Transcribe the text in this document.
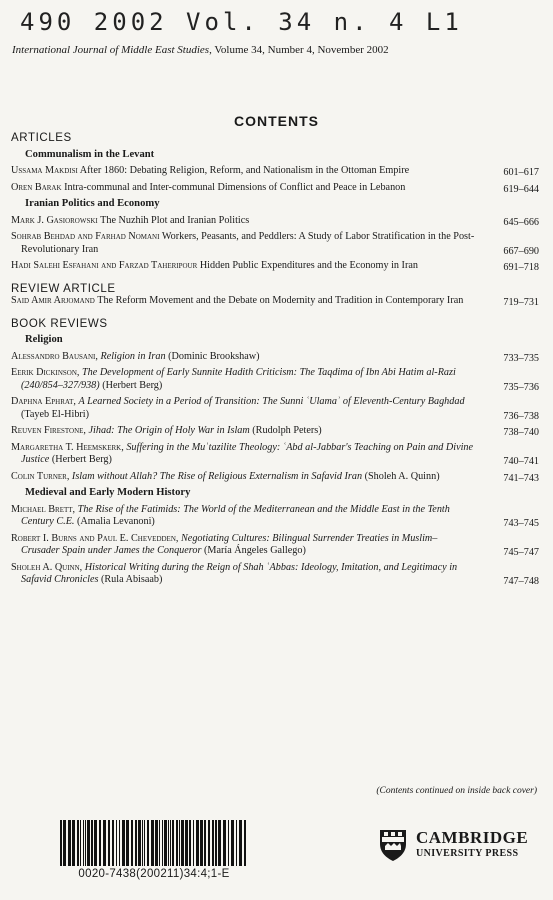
490 2002 Vol. 34 n. 4 L1
International Journal of Middle East Studies, Volume 34, Number 4, November 2002
CONTENTS
ARTICLES
Communalism in the Levant
Ussama Makdisi After 1860: Debating Religion, Reform, and Nationalism in the Ottoman Empire	601–617
Oren Barak Intra-communal and Inter-communal Dimensions of Conflict and Peace in Lebanon	619–644
Iranian Politics and Economy
Mark J. Gasiorowski The Nuzhih Plot and Iranian Politics	645–666
Sohrab Behdad and Farhad Nomani Workers, Peasants, and Peddlers: A Study of Labor Stratification in the Post-Revolutionary Iran	667–690
Hadi Salehi Esfahani and Farzad Taheripour Hidden Public Expenditures and the Economy in Iran	691–718
REVIEW ARTICLE
Said Amir Arjomand The Reform Movement and the Debate on Modernity and Tradition in Contemporary Iran	719–731
BOOK REVIEWS
Religion
Alessandro Bausani, Religion in Iran (Dominic Brookshaw)	733–735
Eerik Dickinson, The Development of Early Sunnite Hadith Criticism: The Taqdima of Ibn Abi Hatim al-Razi (240/854–327/938) (Herbert Berg)	735–736
Daphna Ephrat, A Learned Society in a Period of Transition: The Sunni ʿUlamaʾ of Eleventh-Century Baghdad (Tayeb El-Hibri)	736–738
Reuven Firestone, Jihad: The Origin of Holy War in Islam (Rudolph Peters)	738–740
Margaretha T. Heemskerk, Suffering in the Muʿtazilite Theology: ʿAbd al-Jabbar's Teaching on Pain and Divine Justice (Herbert Berg)	740–741
Colin Turner, Islam without Allah? The Rise of Religious Externalism in Safavid Iran (Sholeh A. Quinn)	741–743
Medieval and Early Modern History
Michael Brett, The Rise of the Fatimids: The World of the Mediterranean and the Middle East in the Tenth Century C.E. (Amalia Levanoni)	743–745
Robert I. Burns and Paul E. Chevedden, Negotiating Cultures: Bilingual Surrender Treaties in Muslim–Crusader Spain under James the Conqueror (María Ángeles Gallego)	745–747
Sholeh A. Quinn, Historical Writing during the Reign of Shah ʿAbbas: Ideology, Imitation, and Legitimacy in Safavid Chronicles (Rula Abisaab)	747–748
(Contents continued on inside back cover)
0020-7438(200211)34:4;1-E
CAMBRIDGE
UNIVERSITY PRESS
